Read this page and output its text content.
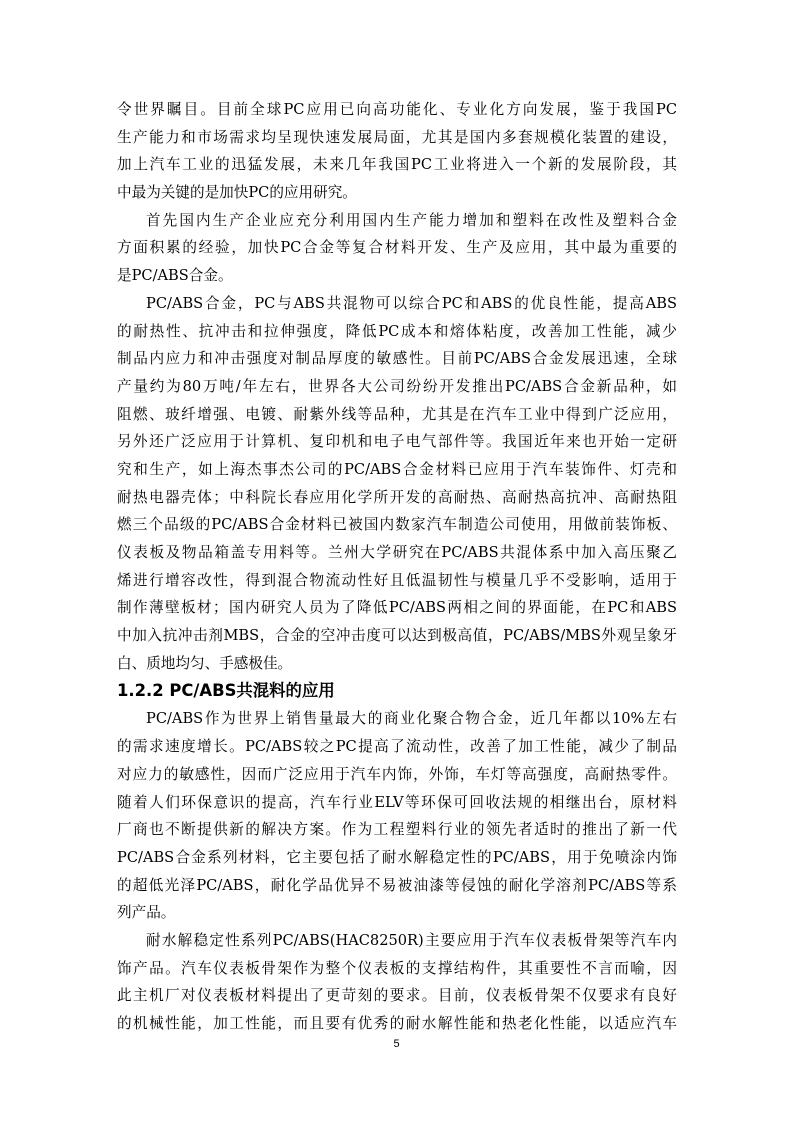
令世界瞩目。目前全球PC应用已向高功能化、专业化方向发展，鉴于我国PC
生产能力和市场需求均呈现快速发展局面，尤其是国内多套规模化装置的建设，
加上汽车工业的迅猛发展，未来几年我国PC工业将进入一个新的发展阶段，其
中最为关键的是加快PC的应用研究。

首先国内生产企业应充分利用国内生产能力增加和塑料在改性及塑料合金
方面积累的经验，加快PC合金等复合材料开发、生产及应用，其中最为重要的
是PC/ABS合金。

PC/ABS合金，PC与ABS共混物可以综合PC和ABS的优良性能，提高ABS
的耐热性、抗冲击和拉伸强度，降低PC成本和熔体粘度，改善加工性能，减少
制品内应力和冲击强度对制品厚度的敏感性。目前PC/ABS合金发展迅速，全球
产量约为80万吨/年左右，世界各大公司纷纷开发推出PC/ABS合金新品种，如
阻燃、玻纤增强、电镀、耐紫外线等品种，尤其是在汽车工业中得到广泛应用，
另外还广泛应用于计算机、复印机和电子电气部件等。我国近年来也开始一定研
究和生产，如上海杰事杰公司的PC/ABS合金材料已应用于汽车装饰件、灯壳和
耐热电器壳体；中科院长春应用化学所开发的高耐热、高耐热高抗冲、高耐热阻
燃三个品级的PC/ABS合金材料已被国内数家汽车制造公司使用，用做前装饰板、
仪表板及物品箱盖专用料等。兰州大学研究在PC/ABS共混体系中加入高压聚乙
烯进行增容改性，得到混合物流动性好且低温韧性与模量几乎不受影响，适用于
制作薄壁板材；国内研究人员为了降低PC/ABS两相之间的界面能，在PC和ABS
中加入抗冲击剂MBS，合金的空冲击度可以达到极高值，PC/ABS/MBS外观呈象牙
白、质地均匀、手感极佳。

1.2.2 PC/ABS共混料的应用

PC/ABS作为世界上销售量最大的商业化聚合物合金，近几年都以10%左右
的需求速度增长。PC/ABS较之PC提高了流动性，改善了加工性能，减少了制品
对应力的敏感性，因而广泛应用于汽车内饰，外饰，车灯等高强度，高耐热零件。
随着人们环保意识的提高，汽车行业ELV等环保可回收法规的相继出台，原材料
厂商也不断提供新的解决方案。作为工程塑料行业的领先者适时的推出了新一代
PC/ABS合金系列材料，它主要包括了耐水解稳定性的PC/ABS，用于免喷涂内饰
的超低光泽PC/ABS，耐化学品优异不易被油漆等侵蚀的耐化学溶剂PC/ABS等系
列产品。

耐水解稳定性系列PC/ABS(HAC8250R)主要应用于汽车仪表板骨架等汽车内
饰产品。汽车仪表板骨架作为整个仪表板的支撑结构件，其重要性不言而喻，因
此主机厂对仪表板材料提出了更苛刻的要求。目前，仪表板骨架不仅要求有良好
的机械性能，加工性能，而且要有优秀的耐水解性能和热老化性能，以适应汽车

5
